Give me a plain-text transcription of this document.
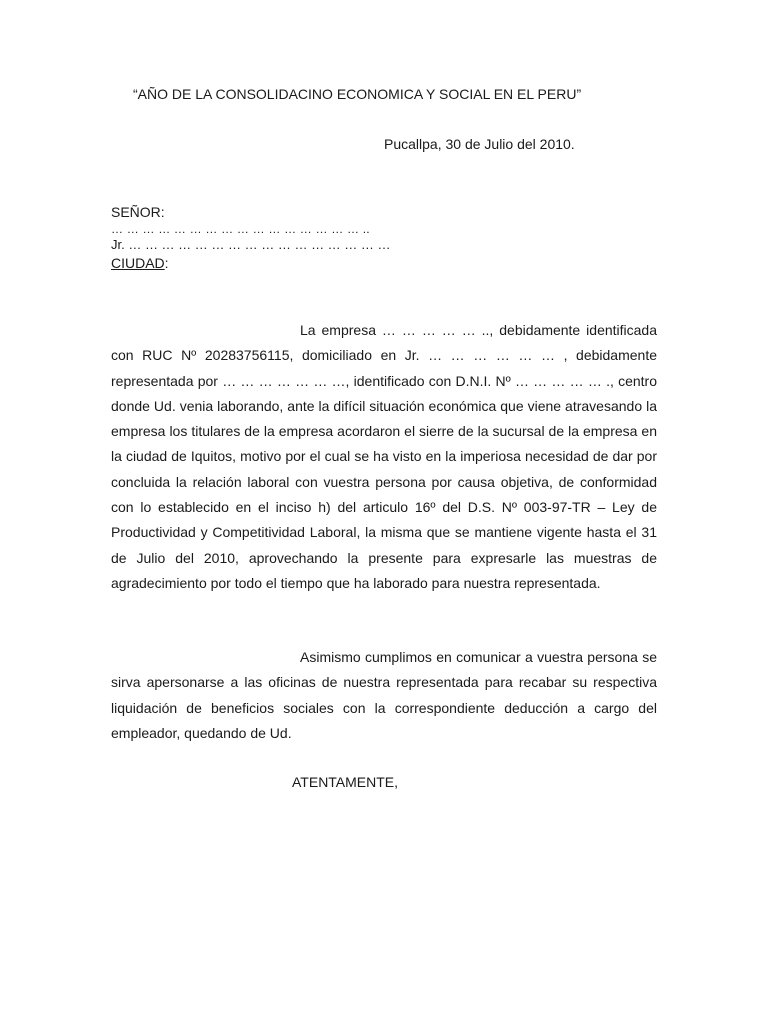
“AÑO DE LA CONSOLIDACINO ECONOMICA Y SOCIAL EN EL PERU”
Pucallpa, 30 de Julio del 2010.
SEÑOR:
… … … … … … … … … … … … … … … … ..
Jr. … … … … … … … … … … … … … … … …
CIUDAD:

La empresa … … … … … .., debidamente identificada con RUC Nº 20283756115, domiciliado en Jr. … … … … … … , debidamente representada por … … … … … … …, identificado con D.N.I. Nº … … … … … ., centro donde Ud. venia laborando, ante la difícil situación económica que viene atravesando la empresa los titulares de la empresa acordaron el sierre de la sucursal de la empresa en la ciudad de Iquitos, motivo por el cual se ha visto en la imperiosa necesidad de dar por concluida la relación laboral con vuestra persona por causa objetiva, de conformidad con lo establecido en el inciso h) del articulo 16º del D.S. Nº 003-97-TR – Ley de Productividad y Competitividad Laboral, la misma que se mantiene vigente hasta el 31 de Julio del 2010, aprovechando la presente para expresarle las muestras de agradecimiento por todo el tiempo que ha laborado para nuestra representada.

Asimismo cumplimos en comunicar a vuestra persona se sirva apersonarse a las oficinas de nuestra representada para recabar su respectiva liquidación de beneficios sociales con la correspondiente deducción a cargo del empleador, quedando de Ud.

ATENTAMENTE,
